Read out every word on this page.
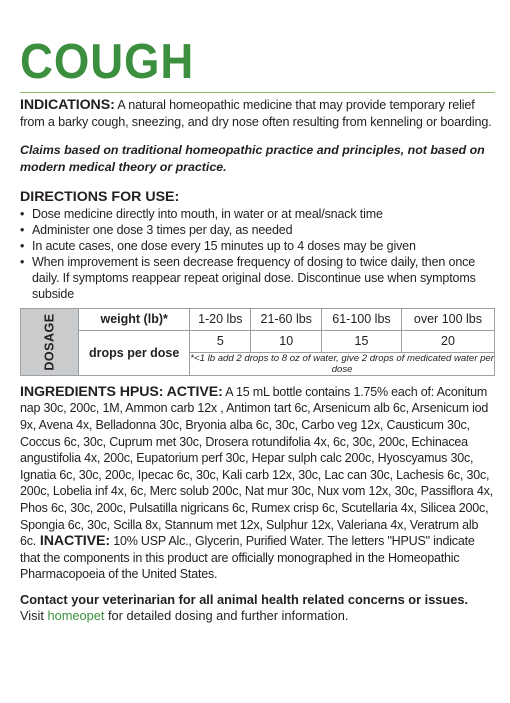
COUGH

INDICATIONS: A natural homeopathic medicine that may provide temporary relief from a barky cough, sneezing, and dry nose often resulting from kenneling or boarding.

Claims based on traditional homeopathic practice and principles, not based on modern medical theory or practice.

DIRECTIONS FOR USE:

• Dose medicine directly into mouth, in water or at meal/snack time
• Administer one dose 3 times per day, as needed
• In acute cases, one dose every 15 minutes up to 4 doses may be given
• When improvement is seen decrease frequency of dosing to twice daily, then once daily. If symptoms reappear repeat original dose. Discontinue use when symptoms subside
DOSAGE	weight (lb)*	1-20 lbs	21-60 lbs	61-100 lbs	over 100 lbs
	drops per dose	5	10	15	20
		*<1 lb add 2 drops to 8 oz of water, give 2 drops of medicated water per dose			

INGREDIENTS HPUS: ACTIVE: A 15 mL bottle contains 1.75% each of: Aconitum nap 30c, 200c, 1M, Ammon carb 12x , Antimon tart 6c, Arsenicum alb 6c, Arsenicum iod 9x, Avena 4x, Belladonna 30c, Bryonia alba 6c, 30c, Carbo veg 12x, Causticum 30c, Coccus 6c, 30c, Cuprum met 30c, Drosera rotundifolia 4x, 6c, 30c, 200c, Echinacea angustifolia 4x, 200c, Eupatorium perf 30c, Hepar sulph calc 200c, Hyoscyamus 30c, Ignatia 6c, 30c, 200c, Ipecac 6c, 30c, Kali carb 12x, 30c, Lac can 30c, Lachesis 6c, 30c, 200c, Lobelia inf 4x, 6c, Merc solub 200c, Nat mur 30c, Nux vom 12x, 30c, Passiflora 4x, Phos 6c, 30c, 200c, Pulsatilla nigricans 6c, Rumex crisp 6c, Scutellaria 4x, Silicea 200c, Spongia 6c, 30c, Scilla 8x, Stannum met 12x, Sulphur 12x, Valeriana 4x, Veratrum alb 6c. INACTIVE: 10% USP Alc., Glycerin, Purified Water. The letters "HPUS" indicate that the components in this product are officially monographed in the Homeopathic Pharmacopoeia of the United States.

Contact your veterinarian for all animal health related concerns or issues.

Visit homeopet for detailed dosing and further information.
